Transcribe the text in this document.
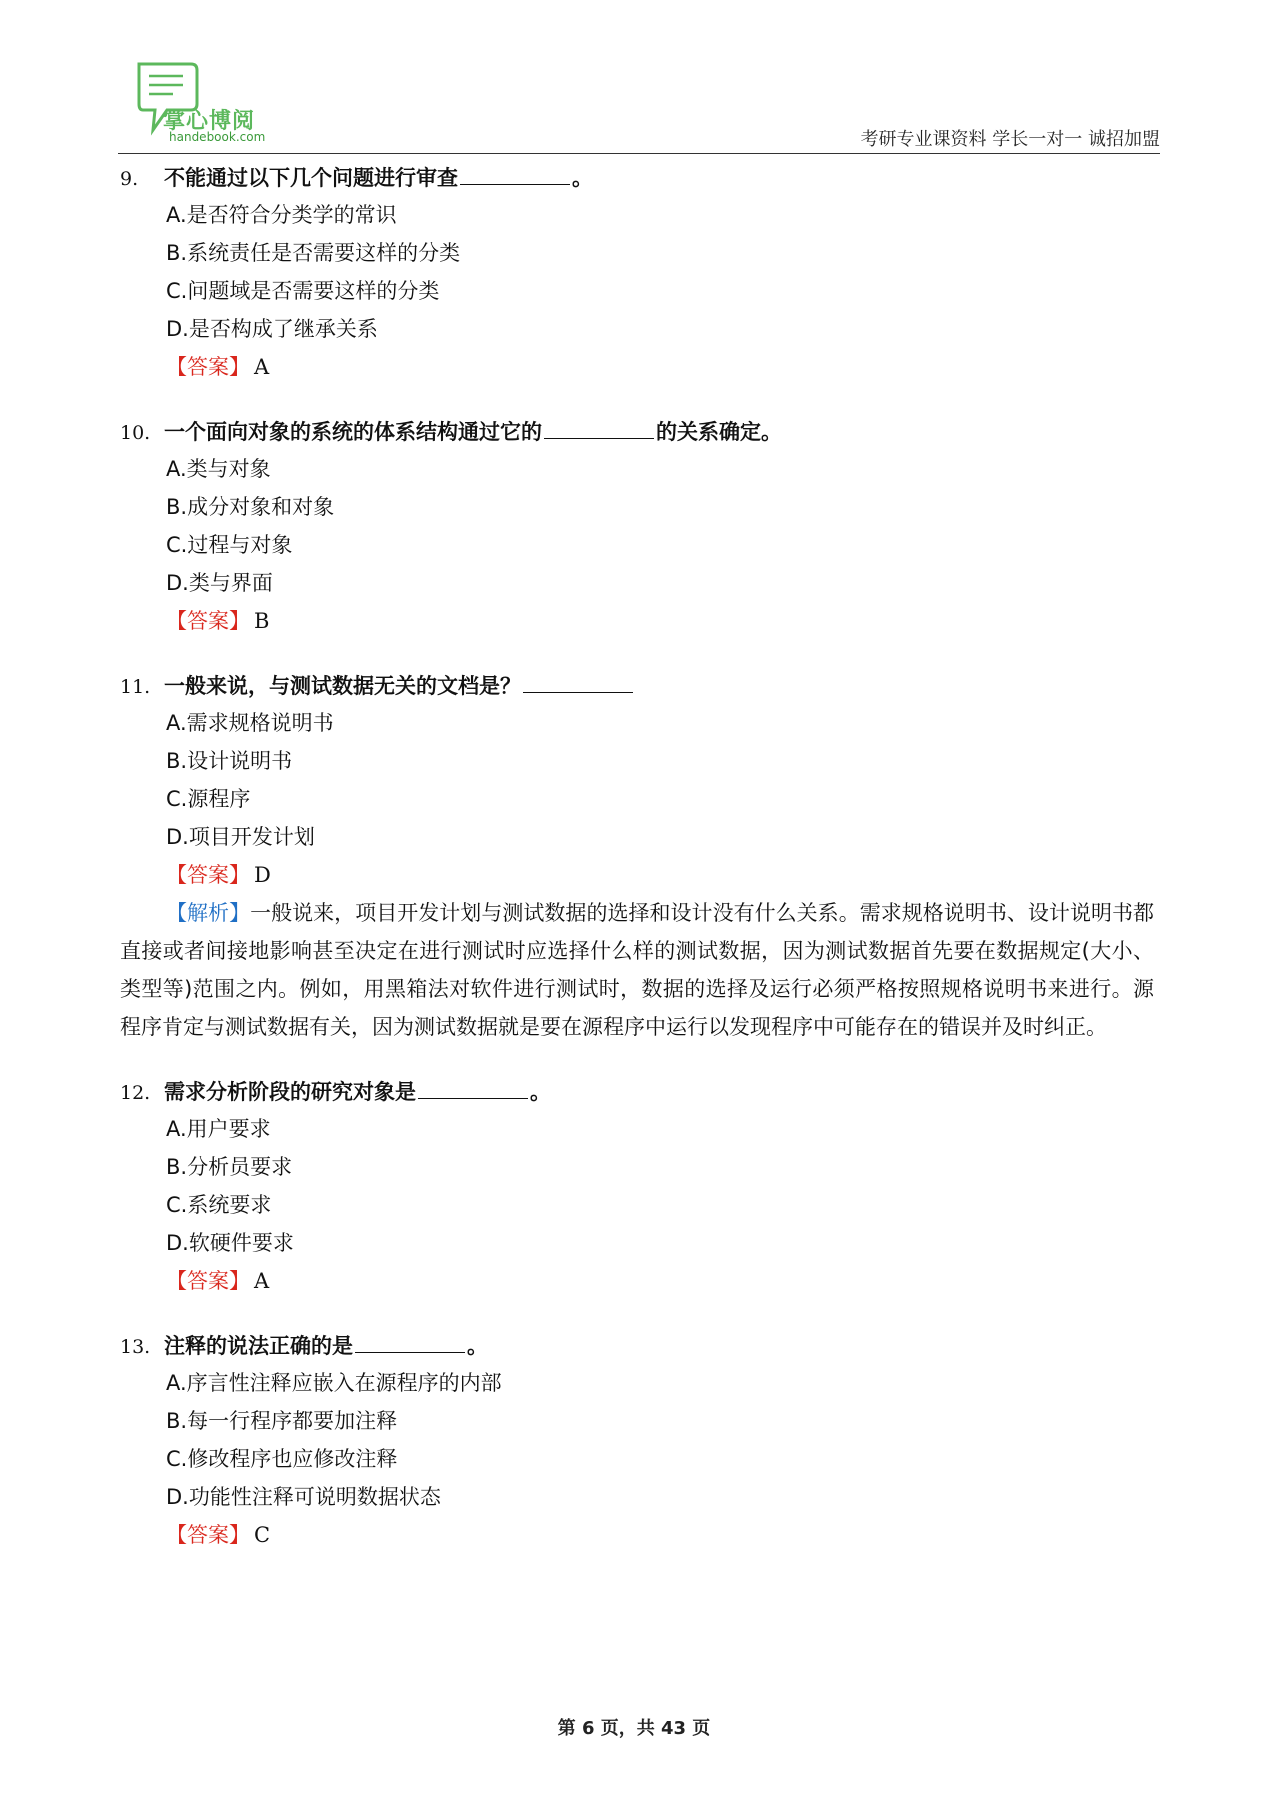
掌心博阅
handebook.com	考研专业课资料 学长一对一 诚招加盟
9. 不能通过以下几个问题进行审查	。
A.是否符合分类学的常识
B.系统责任是否需要这样的分类
C.问题域是否需要这样的分类
D.是否构成了继承关系
【答案】 A
10. 一个面向对象的系统的体系结构通过它的	的关系确定。
A.类与对象
B.成分对象和对象
C.过程与对象
D.类与界面
【答案】 B
11. 一般来说，与测试数据无关的文档是？
A.需求规格说明书
B.设计说明书
C.源程序
D.项目开发计划
【答案】 D
【解析】一般说来，项目开发计划与测试数据的选择和设计没有什么关系。需求规格说明书、设计说明书都直接或者间接地影响甚至决定在进行测试时应选择什么样的测试数据，因为测试数据首先要在数据规定(大小、类型等)范围之内。例如，用黑箱法对软件进行测试时，数据的选择及运行必须严格按照规格说明书来进行。源程序肯定与测试数据有关，因为测试数据就是要在源程序中运行以发现程序中可能存在的错误并及时纠正。
12. 需求分析阶段的研究对象是	。
A.用户要求
B.分析员要求
C.系统要求
D.软硬件要求
【答案】 A
13. 注释的说法正确的是	。
A.序言性注释应嵌入在源程序的内部
B.每一行程序都要加注释
C.修改程序也应修改注释
D.功能性注释可说明数据状态
【答案】 C
第 6 页，共 43 页
